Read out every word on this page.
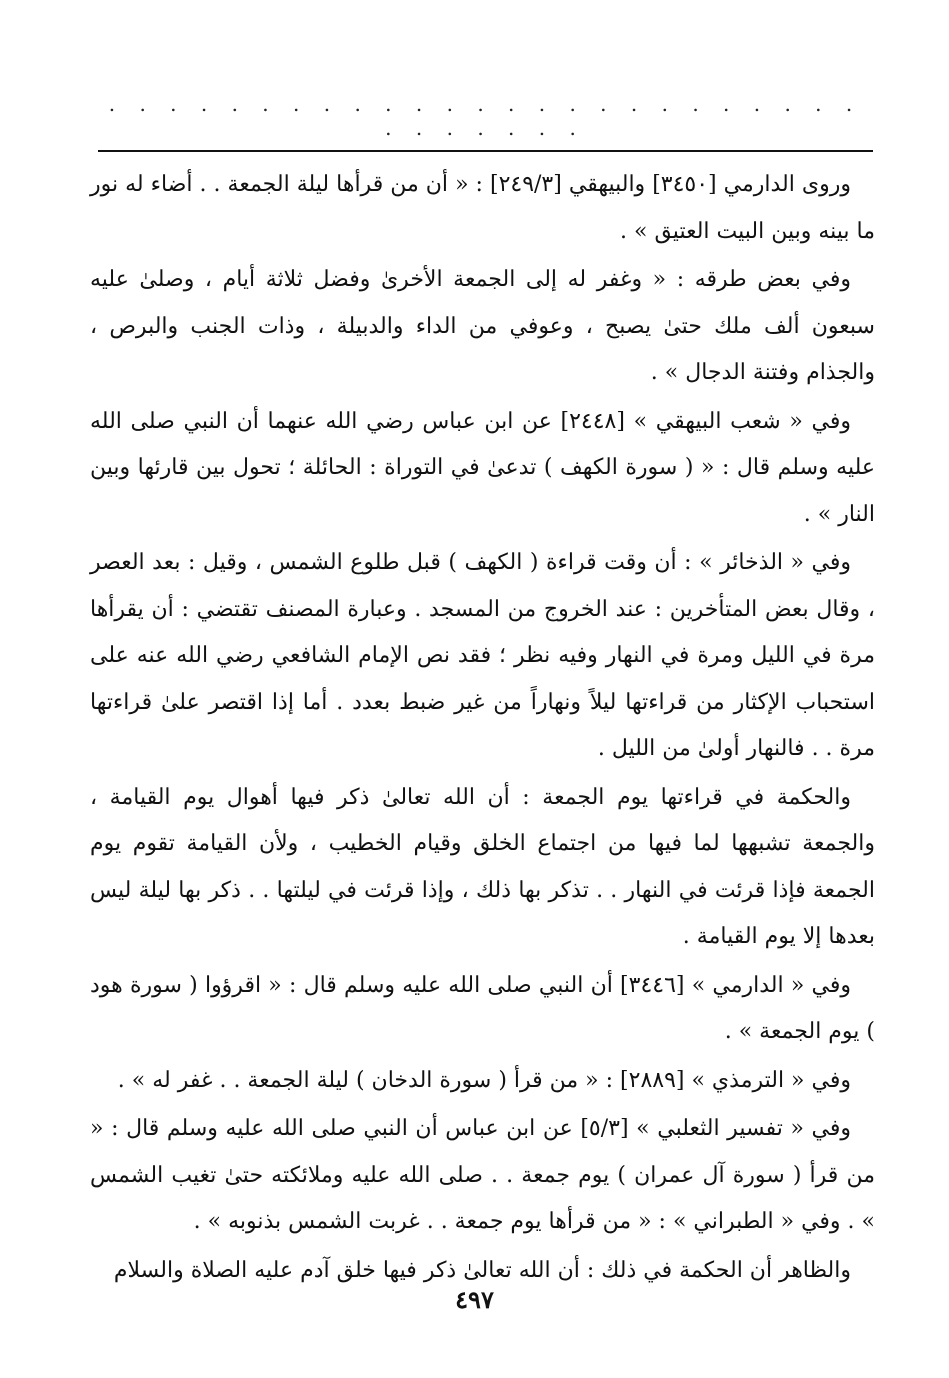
. . . . . . . . . . . . . . . . . . . . . . . . . . . . . . . .

وروى الدارمي [٣٤٥٠] والبيهقي [٢٤٩/٣] : « أن من قرأها ليلة الجمعة . . أضاء له نور ما بينه وبين البيت العتيق » .

وفي بعض طرقه : « وغفر له إلى الجمعة الأخرىٰ وفضل ثلاثة أيام ، وصلىٰ عليه سبعون ألف ملك حتىٰ يصبح ، وعوفي من الداء والدبيلة ، وذات الجنب والبرص ، والجذام وفتنة الدجال » .

وفي « شعب البيهقي » [٢٤٤٨] عن ابن عباس رضي الله عنهما أن النبي صلى الله عليه وسلم قال : « ( سورة الكهف ) تدعىٰ في التوراة : الحائلة ؛ تحول بين قارئها وبين النار » .

وفي « الذخائر » : أن وقت قراءة ( الكهف ) قبل طلوع الشمس ، وقيل : بعد العصر ، وقال بعض المتأخرين : عند الخروج من المسجد . وعبارة المصنف تقتضي : أن يقرأها مرة في الليل ومرة في النهار وفيه نظر ؛ فقد نص الإمام الشافعي رضي الله عنه على استحباب الإكثار من قراءتها ليلاً ونهاراً من غير ضبط بعدد . أما إذا اقتصر علىٰ قراءتها مرة . . فالنهار أولىٰ من الليل .

والحكمة في قراءتها يوم الجمعة : أن الله تعالىٰ ذكر فيها أهوال يوم القيامة ، والجمعة تشبهها لما فيها من اجتماع الخلق وقيام الخطيب ، ولأن القيامة تقوم يوم الجمعة فإذا قرئت في النهار . . تذكر بها ذلك ، وإذا قرئت في ليلتها . . ذكر بها ليلة ليس بعدها إلا يوم القيامة .

وفي « الدارمي » [٣٤٤٦] أن النبي صلى الله عليه وسلم قال : « اقرؤوا ( سورة هود ) يوم الجمعة » .

وفي « الترمذي » [٢٨٨٩] : « من قرأ ( سورة الدخان ) ليلة الجمعة . . غفر له » .

وفي « تفسير الثعلبي » [٥/٣] عن ابن عباس أن النبي صلى الله عليه وسلم قال : « من قرأ ( سورة آل عمران ) يوم جمعة . . صلى الله عليه وملائكته حتىٰ تغيب الشمس » . وفي « الطبراني » : « من قرأها يوم جمعة . . غربت الشمس بذنوبه » .

والظاهر أن الحكمة في ذلك : أن الله تعالىٰ ذكر فيها خلق آدم عليه الصلاة والسلام

٤٩٧
